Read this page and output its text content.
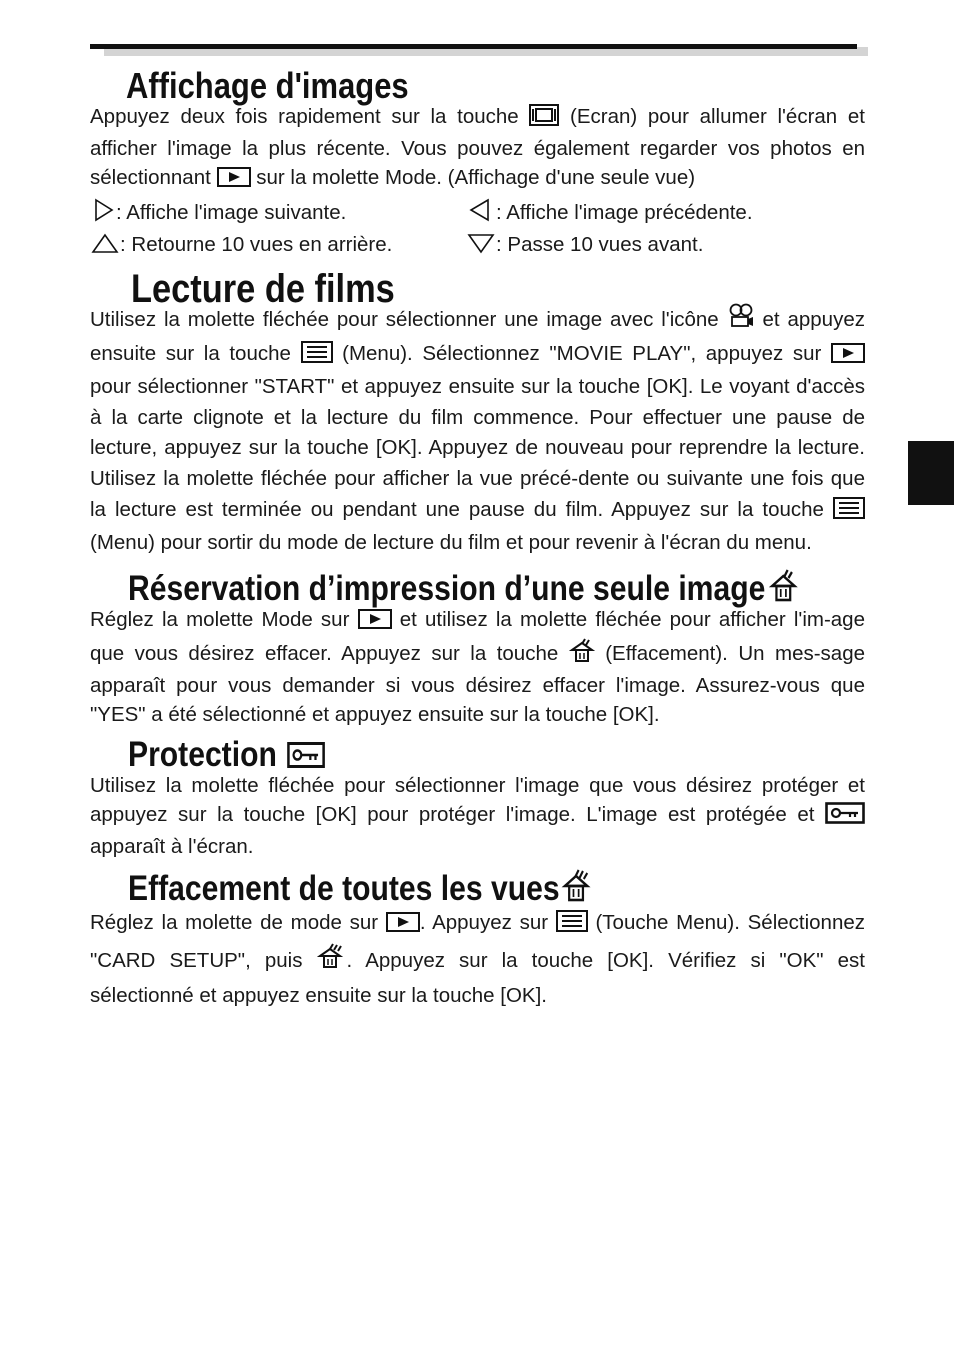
Affichage d'images

Appuyez deux fois rapidement sur la touche	(Ecran) pour allumer l'écran et afficher l'image la plus récente. Vous pouvez également regarder vos photos en sélectionnant sur la molette Mode. (Affichage d'une seule vue)

: Affiche l'image suivante.	: Affiche l'image précédente.
: Retourne 10 vues en arrière.	: Passe 10 vues avant.
Lecture de films

Utilisez la molette fléchée pour sélectionner une image avec l'icône et appuyez ensuite sur la touche (Menu). Sélectionnez "MOVIE PLAY", appuyez sur  pour sélectionner "START" et appuyez ensuite sur la touche [OK]. Le voyant d'accès à la carte clignote et la lecture du film commence. Pour effectuer une pause de lecture, appuyez sur la touche [OK]. Appuyez de nouveau pour reprendre la lecture. Utilisez la molette fléchée pour afficher la vue précé-dente ou suivante une fois que la lecture est terminée ou pendant une pause du film. Appuyez sur la touche (Menu) pour sortir du mode de lecture du film et pour revenir à l'écran du menu.

Réservation d’impression d’une seule image

Réglez la molette Mode sur et utilisez la molette fléchée pour afficher l'im-age que vous désirez effacer. Appuyez sur la touche (Effacement). Un mes-sage apparaît pour vous demander si vous désirez effacer l'image. Assurez-vous que "YES" a été sélectionné et appuyez ensuite sur la touche [OK].

Protection

Utilisez la molette fléchée pour sélectionner l'image que vous désirez protéger et appuyez sur la touche [OK] pour protéger l'image. L'image est protégée et  apparaît à l'écran.

Effacement de toutes les vues

Réglez la molette de mode sur . Appuyez sur (Touche Menu). Sélectionnez "CARD SETUP", puis . Appuyez sur la touche [OK]. Vérifiez si "OK" est sélectionné et appuyez ensuite sur la touche [OK].
